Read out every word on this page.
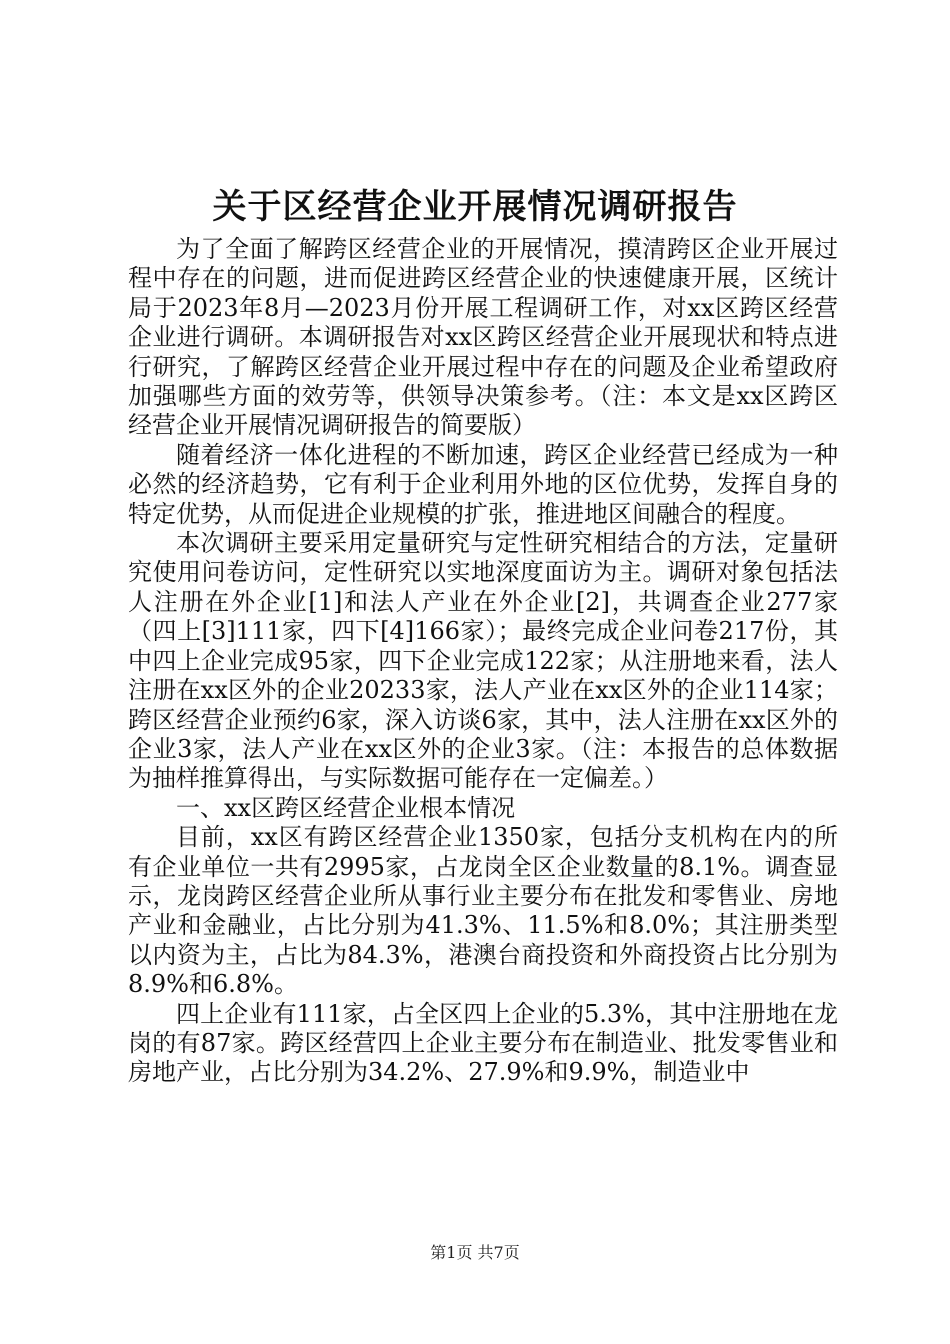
关于区经营企业开展情况调研报告

为了全面了解跨区经营企业的开展情况，摸清跨区企业开展过程中存在的问题，进而促进跨区经营企业的快速健康开展，区统计局于2023年8月—2023月份开展工程调研工作，对xx区跨区经营企业进行调研。本调研报告对xx区跨区经营企业开展现状和特点进行研究，了解跨区经营企业开展过程中存在的问题及企业希望政府加强哪些方面的效劳等，供领导决策参考。（注：本文是xx区跨区经营企业开展情况调研报告的简要版）

随着经济一体化进程的不断加速，跨区企业经营已经成为一种必然的经济趋势，它有利于企业利用外地的区位优势，发挥自身的特定优势，从而促进企业规模的扩张，推进地区间融合的程度。

本次调研主要采用定量研究与定性研究相结合的方法，定量研究使用问卷访问，定性研究以实地深度面访为主。调研对象包括法人注册在外企业[1]和法人产业在外企业[2]，共调查企业277家（四上[3]111家，四下[4]166家）；最终完成企业问卷217份，其中四上企业完成95家，四下企业完成122家；从注册地来看，法人注册在xx区外的企业20233家，法人产业在xx区外的企业114家；跨区经营企业预约6家，深入访谈6家，其中，法人注册在xx区外的企业3家，法人产业在xx区外的企业3家。（注：本报告的总体数据为抽样推算得出，与实际数据可能存在一定偏差。）

一、xx区跨区经营企业根本情况

目前，xx区有跨区经营企业1350家，包括分支机构在内的所有企业单位一共有2995家，占龙岗全区企业数量的8.1%。调查显示，龙岗跨区经营企业所从事行业主要分布在批发和零售业、房地产业和金融业，占比分别为41.3%、11.5%和8.0%；其注册类型以内资为主，占比为84.3%，港澳台商投资和外商投资占比分别为8.9%和6.8%。

四上企业有111家，占全区四上企业的5.3%，其中注册地在龙岗的有87家。跨区经营四上企业主要分布在制造业、批发零售业和房地产业，占比分别为34.2%、27.9%和9.9%，制造业中

第1页 共7页
